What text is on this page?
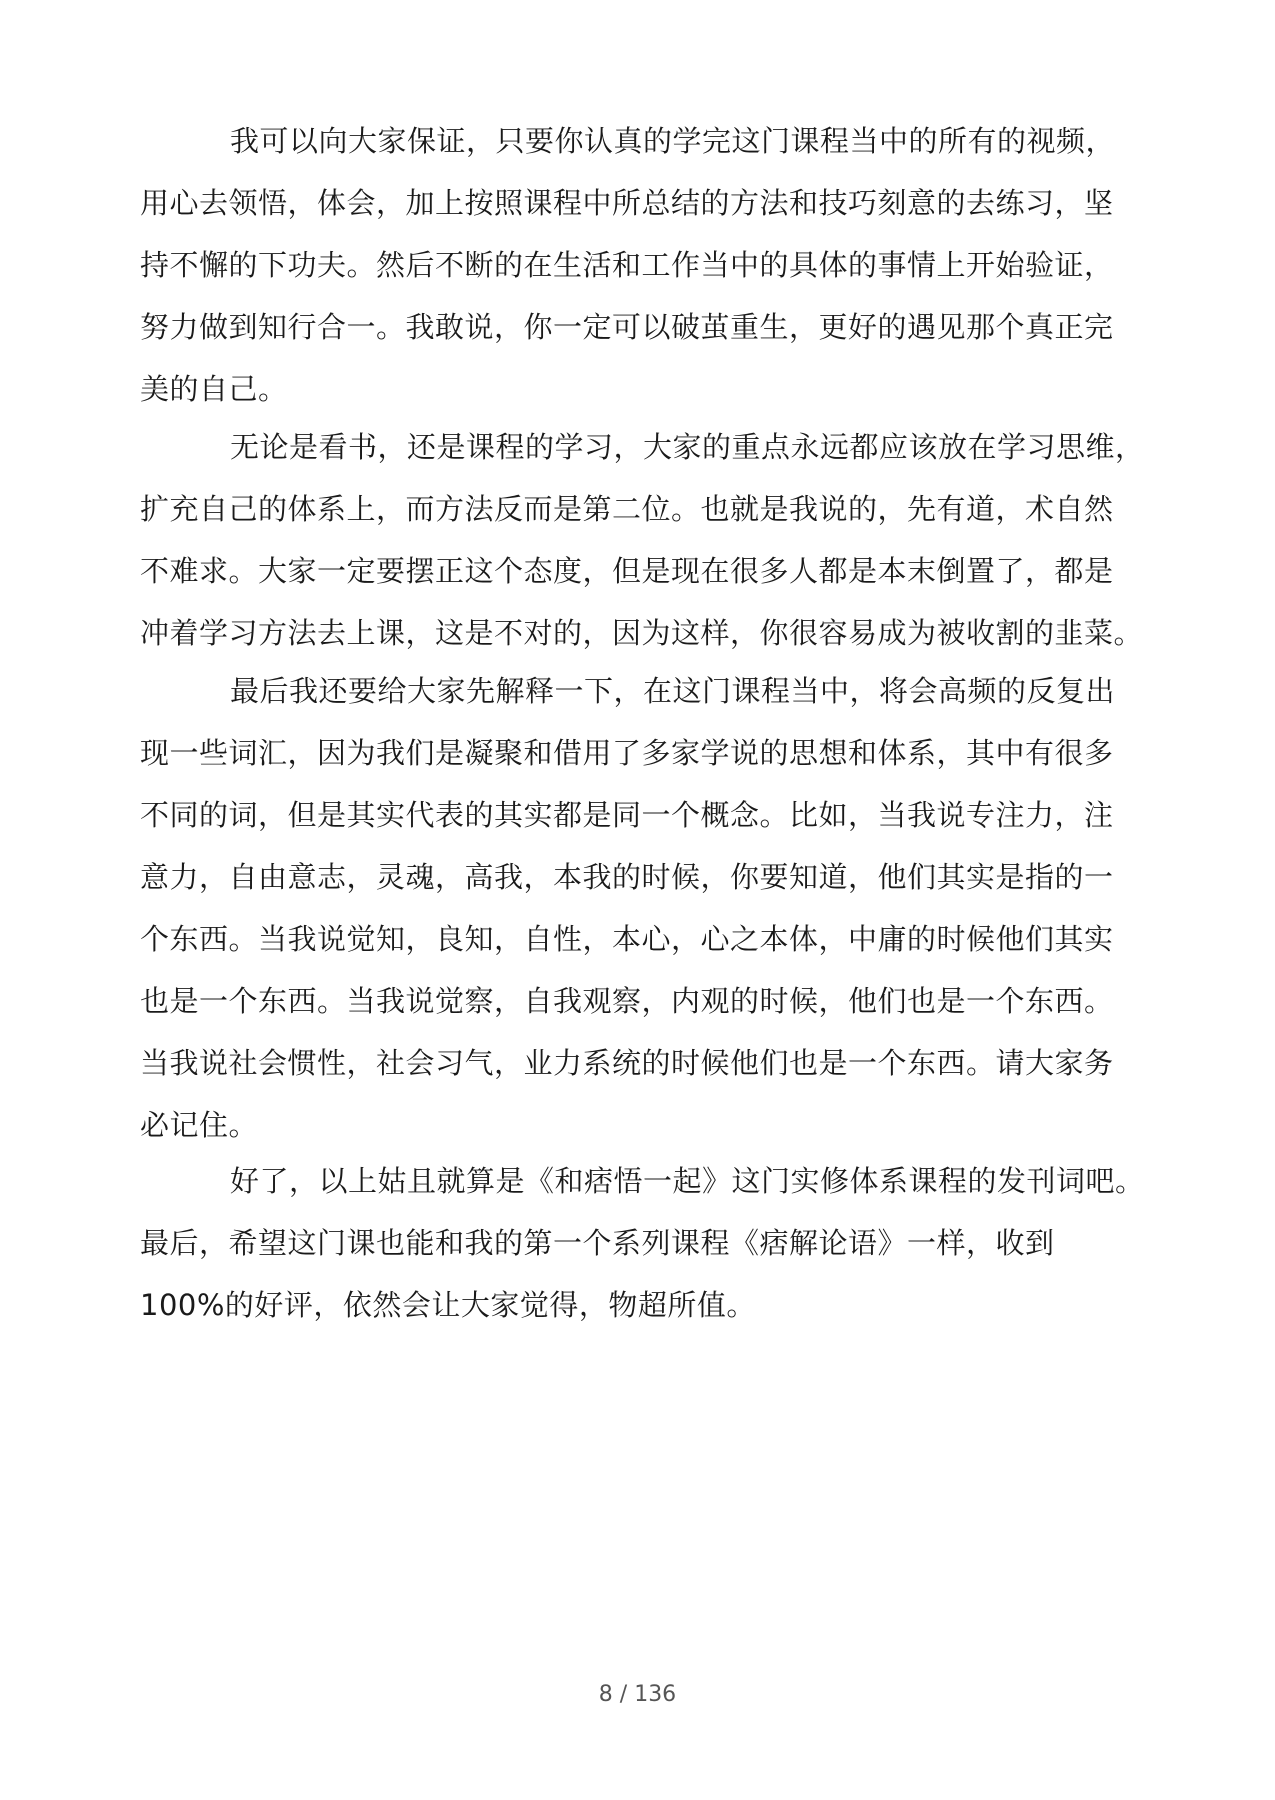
我可以向大家保证，只要你认真的学完这门课程当中的所有的视频，
用心去领悟，体会，加上按照课程中所总结的方法和技巧刻意的去练习，坚
持不懈的下功夫。然后不断的在生活和工作当中的具体的事情上开始验证，
努力做到知行合一。我敢说，你一定可以破茧重生，更好的遇见那个真正完
美的自己。
无论是看书，还是课程的学习，大家的重点永远都应该放在学习思维，
扩充自己的体系上，而方法反而是第二位。也就是我说的，先有道，术自然
不难求。大家一定要摆正这个态度，但是现在很多人都是本末倒置了，都是
冲着学习方法去上课，这是不对的，因为这样，你很容易成为被收割的韭菜。
最后我还要给大家先解释一下，在这门课程当中，将会高频的反复出
现一些词汇，因为我们是凝聚和借用了多家学说的思想和体系，其中有很多
不同的词，但是其实代表的其实都是同一个概念。比如，当我说专注力，注
意力，自由意志，灵魂，高我，本我的时候，你要知道，他们其实是指的一
个东西。当我说觉知，良知，自性，本心，心之本体，中庸的时候他们其实
也是一个东西。当我说觉察，自我观察，内观的时候，他们也是一个东西。
当我说社会惯性，社会习气，业力系统的时候他们也是一个东西。请大家务
必记住。
好了，以上姑且就算是《和痞悟一起》这门实修体系课程的发刊词吧。
最后，希望这门课也能和我的第一个系列课程《痞解论语》一样，收到
100%的好评，依然会让大家觉得，物超所值。
8 / 136
